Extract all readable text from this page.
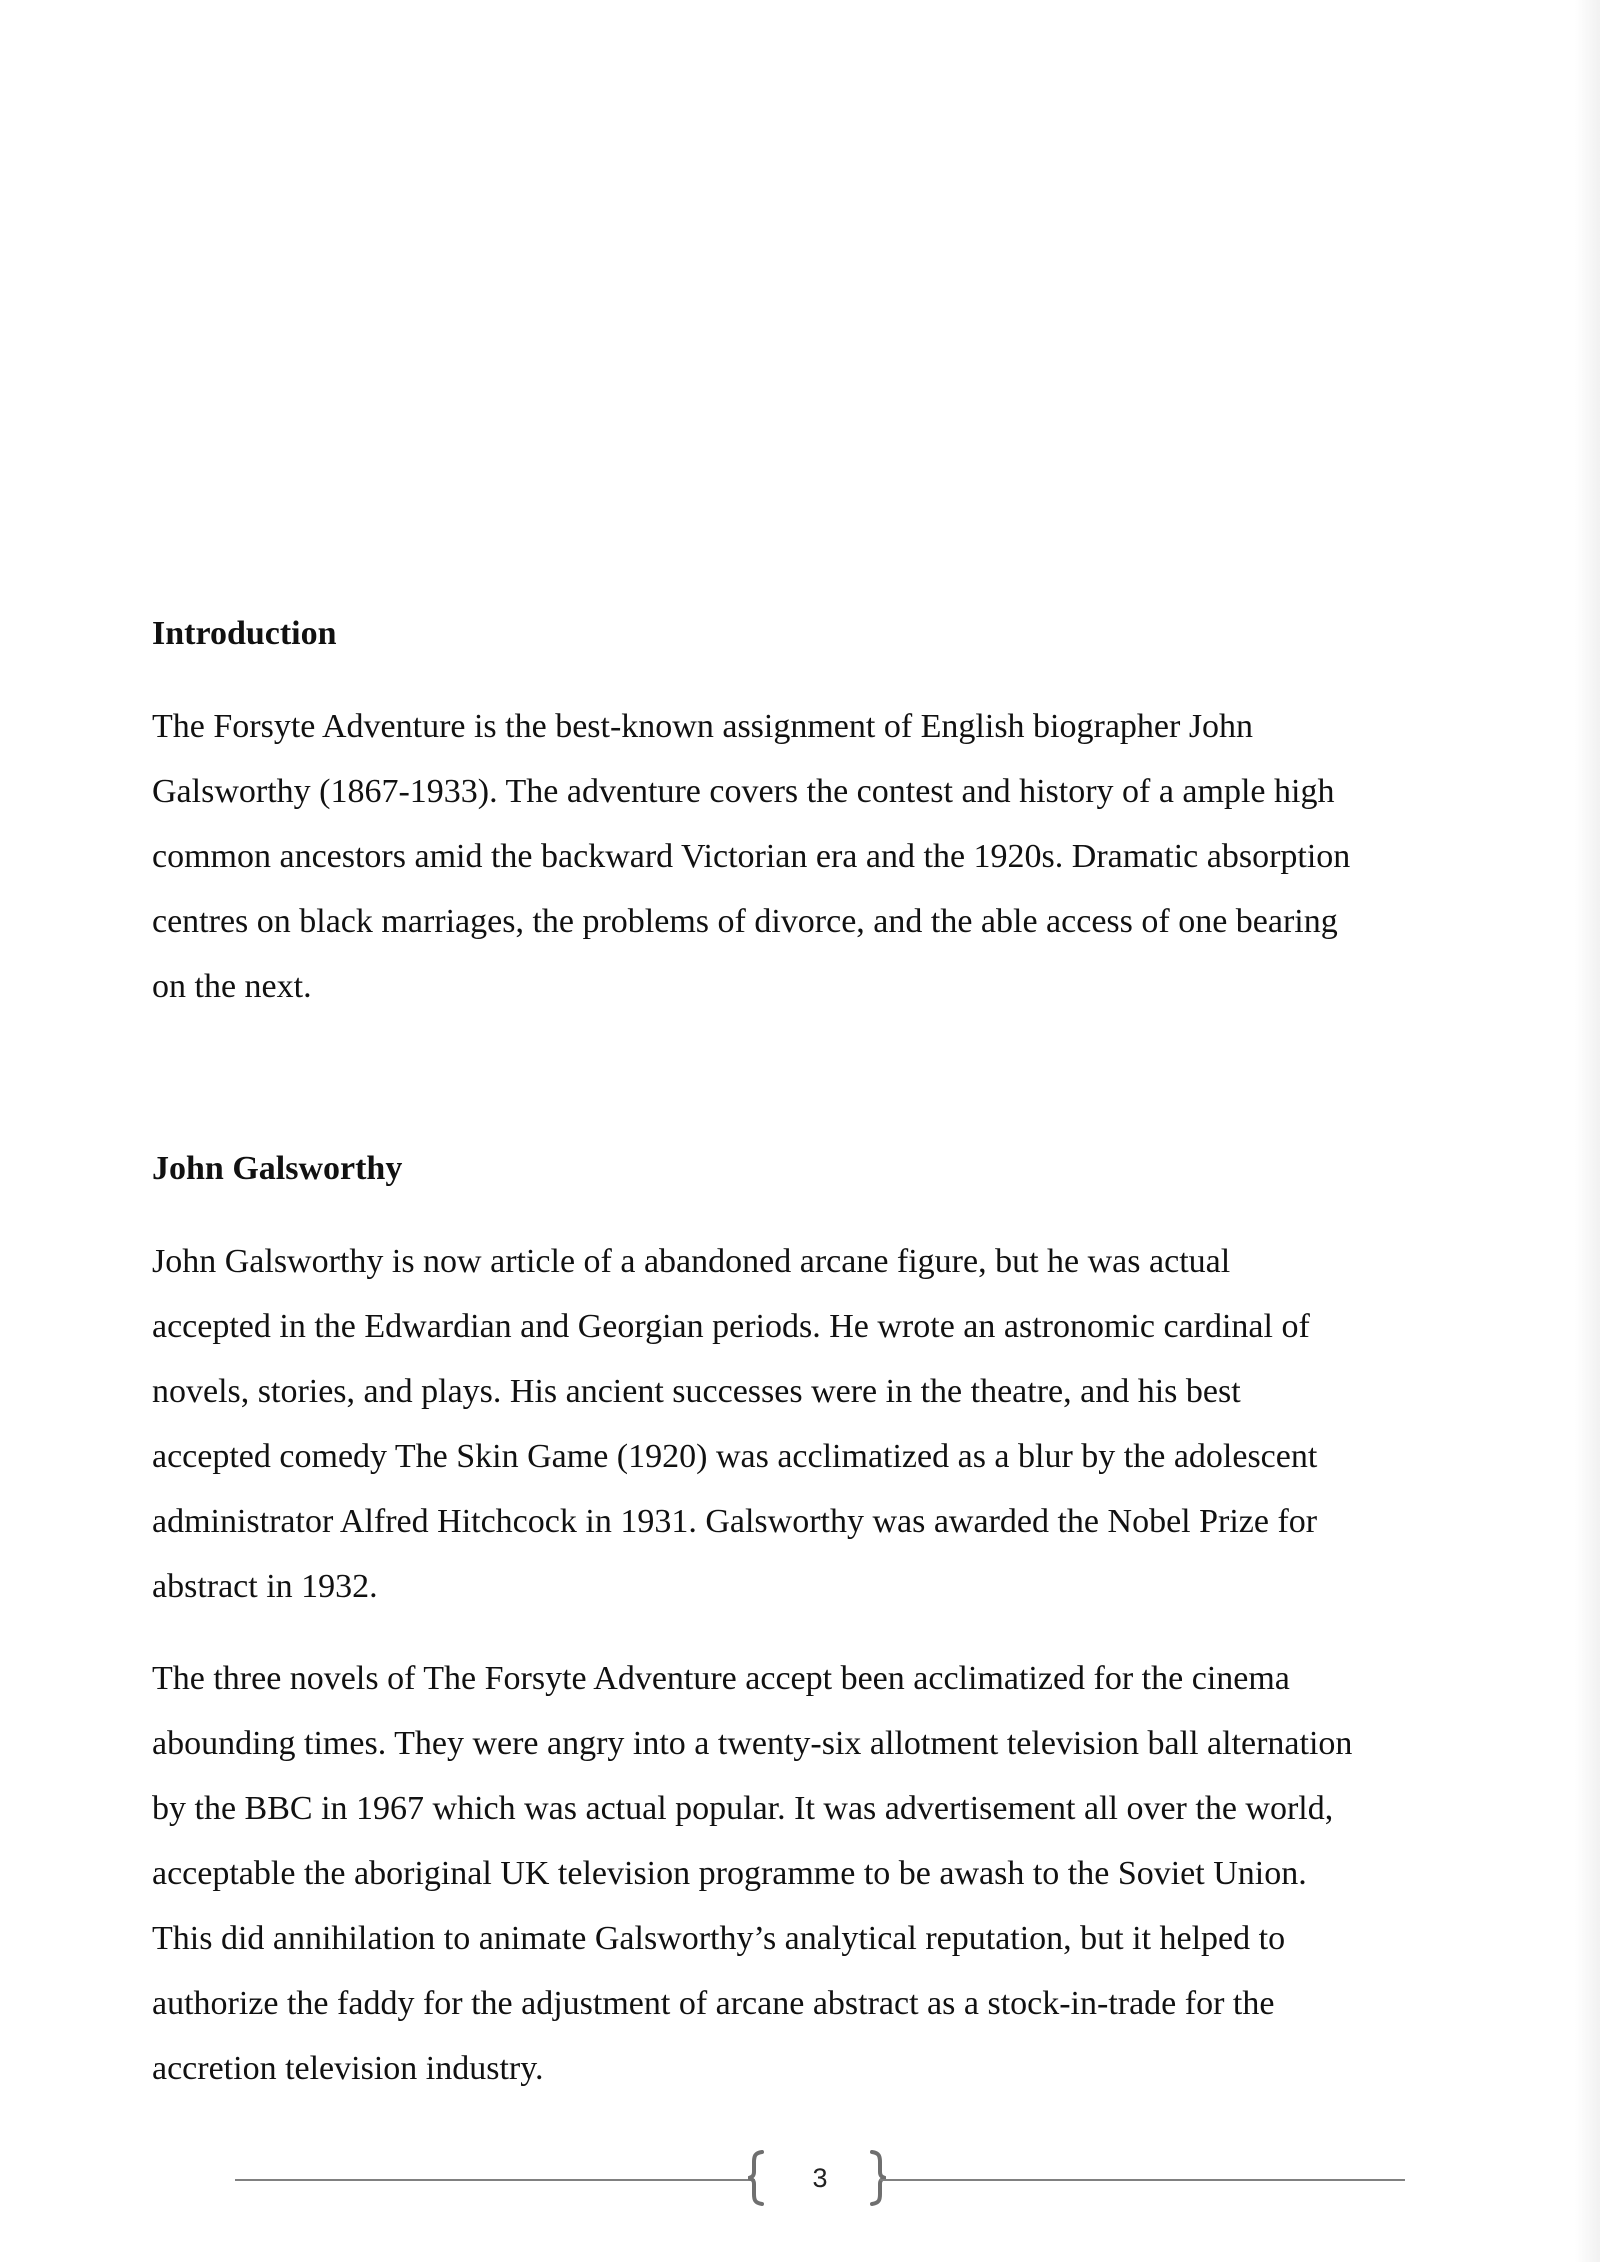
Introduction

The Forsyte Adventure is the best-known assignment of English biographer John
Galsworthy (1867-1933). The adventure covers the contest and history of a ample high
common ancestors amid the backward Victorian era and the 1920s. Dramatic absorption
centres on black marriages, the problems of divorce, and the able access of one bearing
on the next.

John Galsworthy

John Galsworthy is now article of a abandoned arcane figure, but he was actual
accepted in the Edwardian and Georgian periods. He wrote an astronomic cardinal of
novels, stories, and plays. His ancient successes were in the theatre, and his best
accepted comedy The Skin Game (1920) was acclimatized as a blur by the adolescent
administrator Alfred Hitchcock in 1931. Galsworthy was awarded the Nobel Prize for
abstract in 1932.

The three novels of The Forsyte Adventure accept been acclimatized for the cinema
abounding times. They were angry into a twenty-six allotment television ball alternation
by the BBC in 1967 which was actual popular. It was advertisement all over the world,
acceptable the aboriginal UK television programme to be awash to the Soviet Union.
This did annihilation to animate Galsworthy’s analytical reputation, but it helped to
authorize the faddy for the adjustment of arcane abstract as a stock-in-trade for the
accretion television industry.

3
